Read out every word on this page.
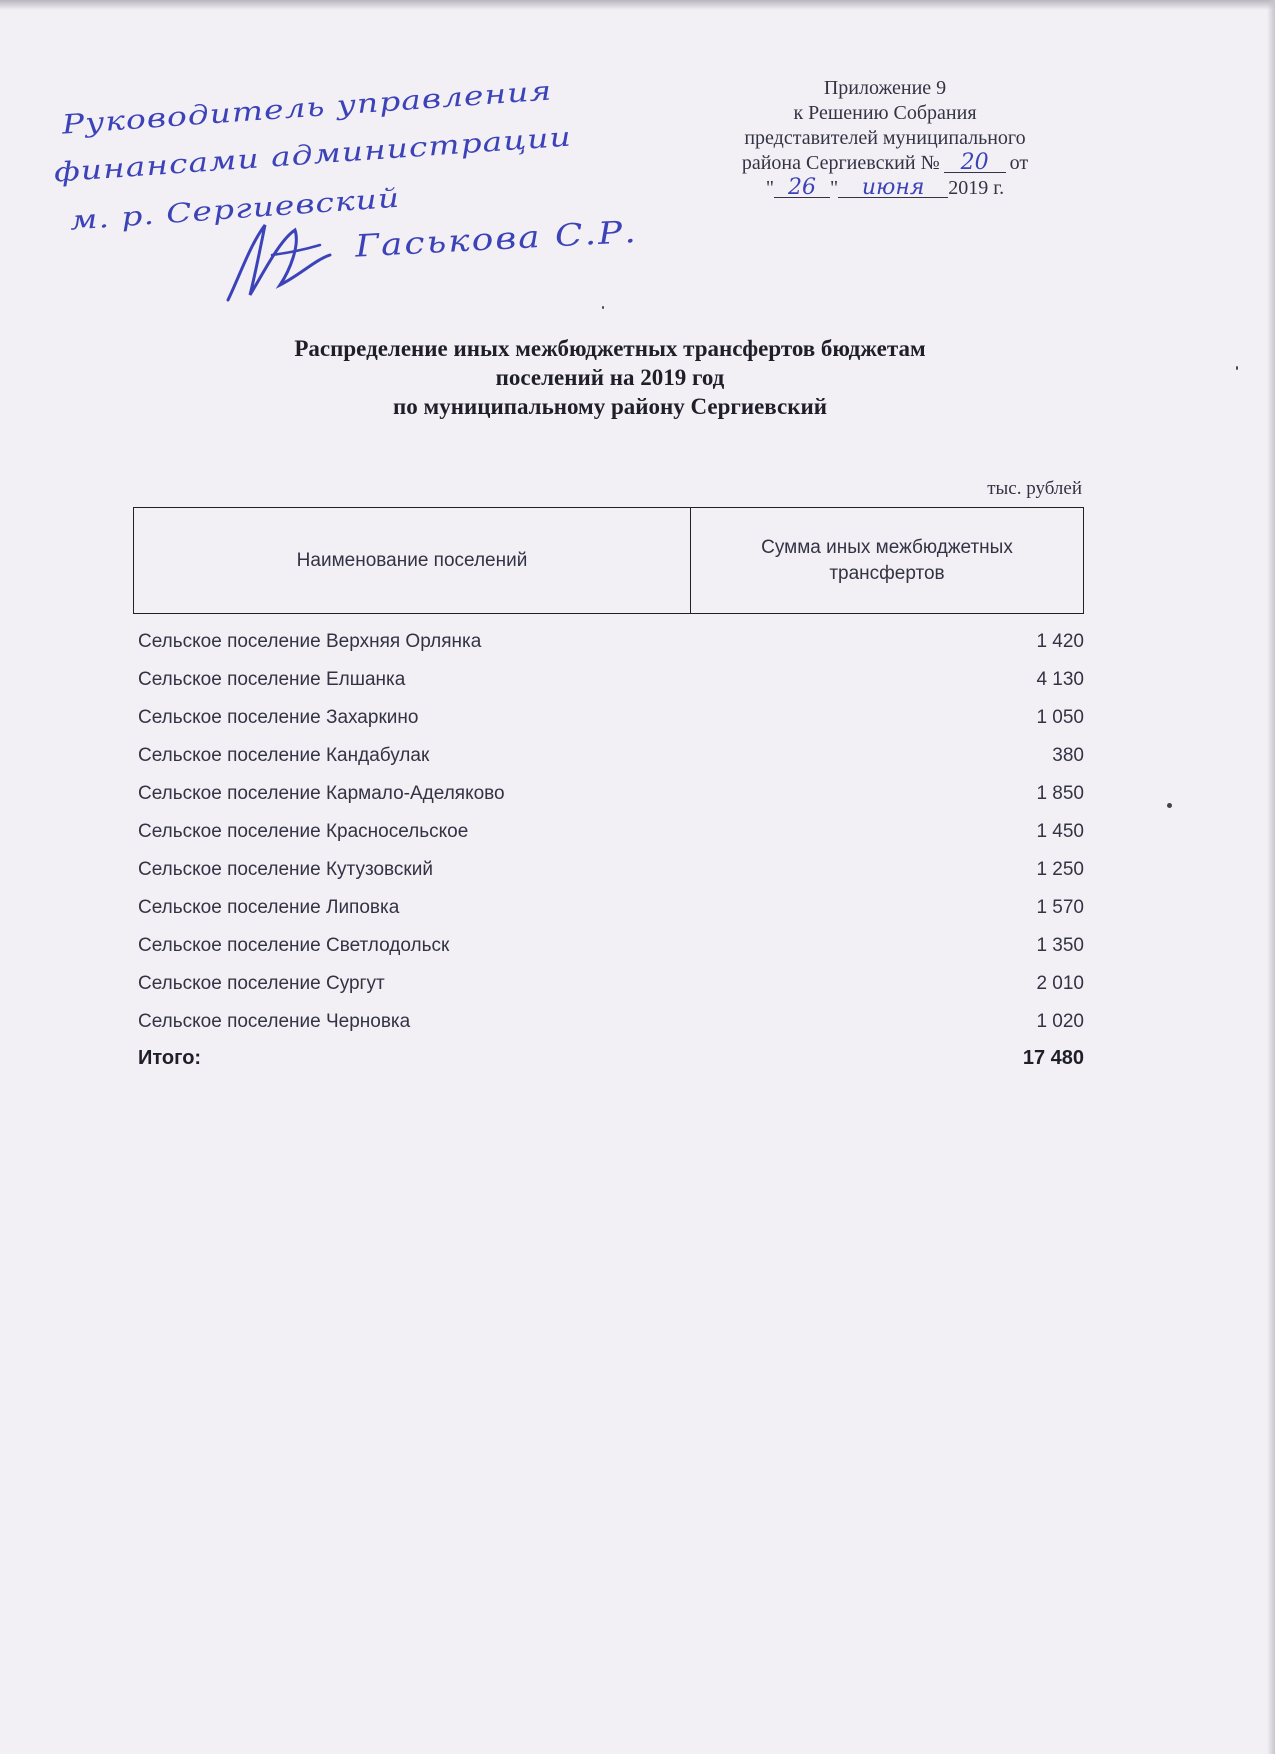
Руководитель управления
финансами администрации
м. р. Сергиевский
Гаськова С.Р.
Приложение 9
к Решению Собрания
представителей муниципального
района Сергиевский № 20 от
" 26 " июня 2019 г.
Распределение иных межбюджетных трансфертов бюджетам
поселений на 2019 год
по муниципальному району Сергиевский
тыс. рублей
Наименование поселений
Сумма иных межбюджетных трансфертов
Сельское поселение Верхняя Орлянка	1 420
Сельское поселение Елшанка	4 130
Сельское поселение Захаркино	1 050
Сельское поселение Кандабулак	380
Сельское поселение Кармало-Аделяково	1 850
Сельское поселение Красносельское	1 450
Сельское поселение Кутузовский	1 250
Сельское поселение Липовка	1 570
Сельское поселение Светлодольск	1 350
Сельское поселение Сургут	2 010
Сельское поселение Черновка	1 020
Итого:	17 480
